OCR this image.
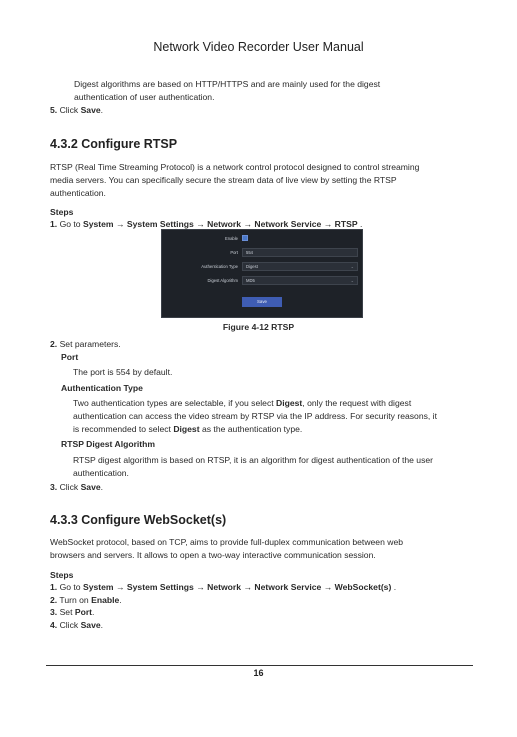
Network Video Recorder User Manual
Digest algorithms are based on HTTP/HTTPS and are mainly used for the digest
authentication of user authentication.
5. Click Save.
4.3.2 Configure RTSP
RTSP (Real Time Streaming Protocol) is a network control protocol designed to control streaming
media servers. You can specifically secure the stream data of live view by setting the RTSP
authentication.
Steps
1. Go to System → System Settings → Network → Network Service → RTSP .
Enable
Port	554
Authentication Type	Digest	⌄
Digest Algorithm	MD5	⌄
Save
Figure 4-12 RTSP
2. Set parameters.
Port
The port is 554 by default.
Authentication Type
Two authentication types are selectable, if you select Digest, only the request with digest
authentication can access the video stream by RTSP via the IP address. For security reasons, it
is recommended to select Digest as the authentication type.
RTSP Digest Algorithm
RTSP digest algorithm is based on RTSP, it is an algorithm for digest authentication of the user
authentication.
3. Click Save.
4.3.3 Configure WebSocket(s)
WebSocket protocol, based on TCP, aims to provide full-duplex communication between web
browsers and servers. It allows to open a two-way interactive communication session.
Steps
1. Go to System → System Settings → Network → Network Service → WebSocket(s) .
2. Turn on Enable.
3. Set Port.
4. Click Save.
16
